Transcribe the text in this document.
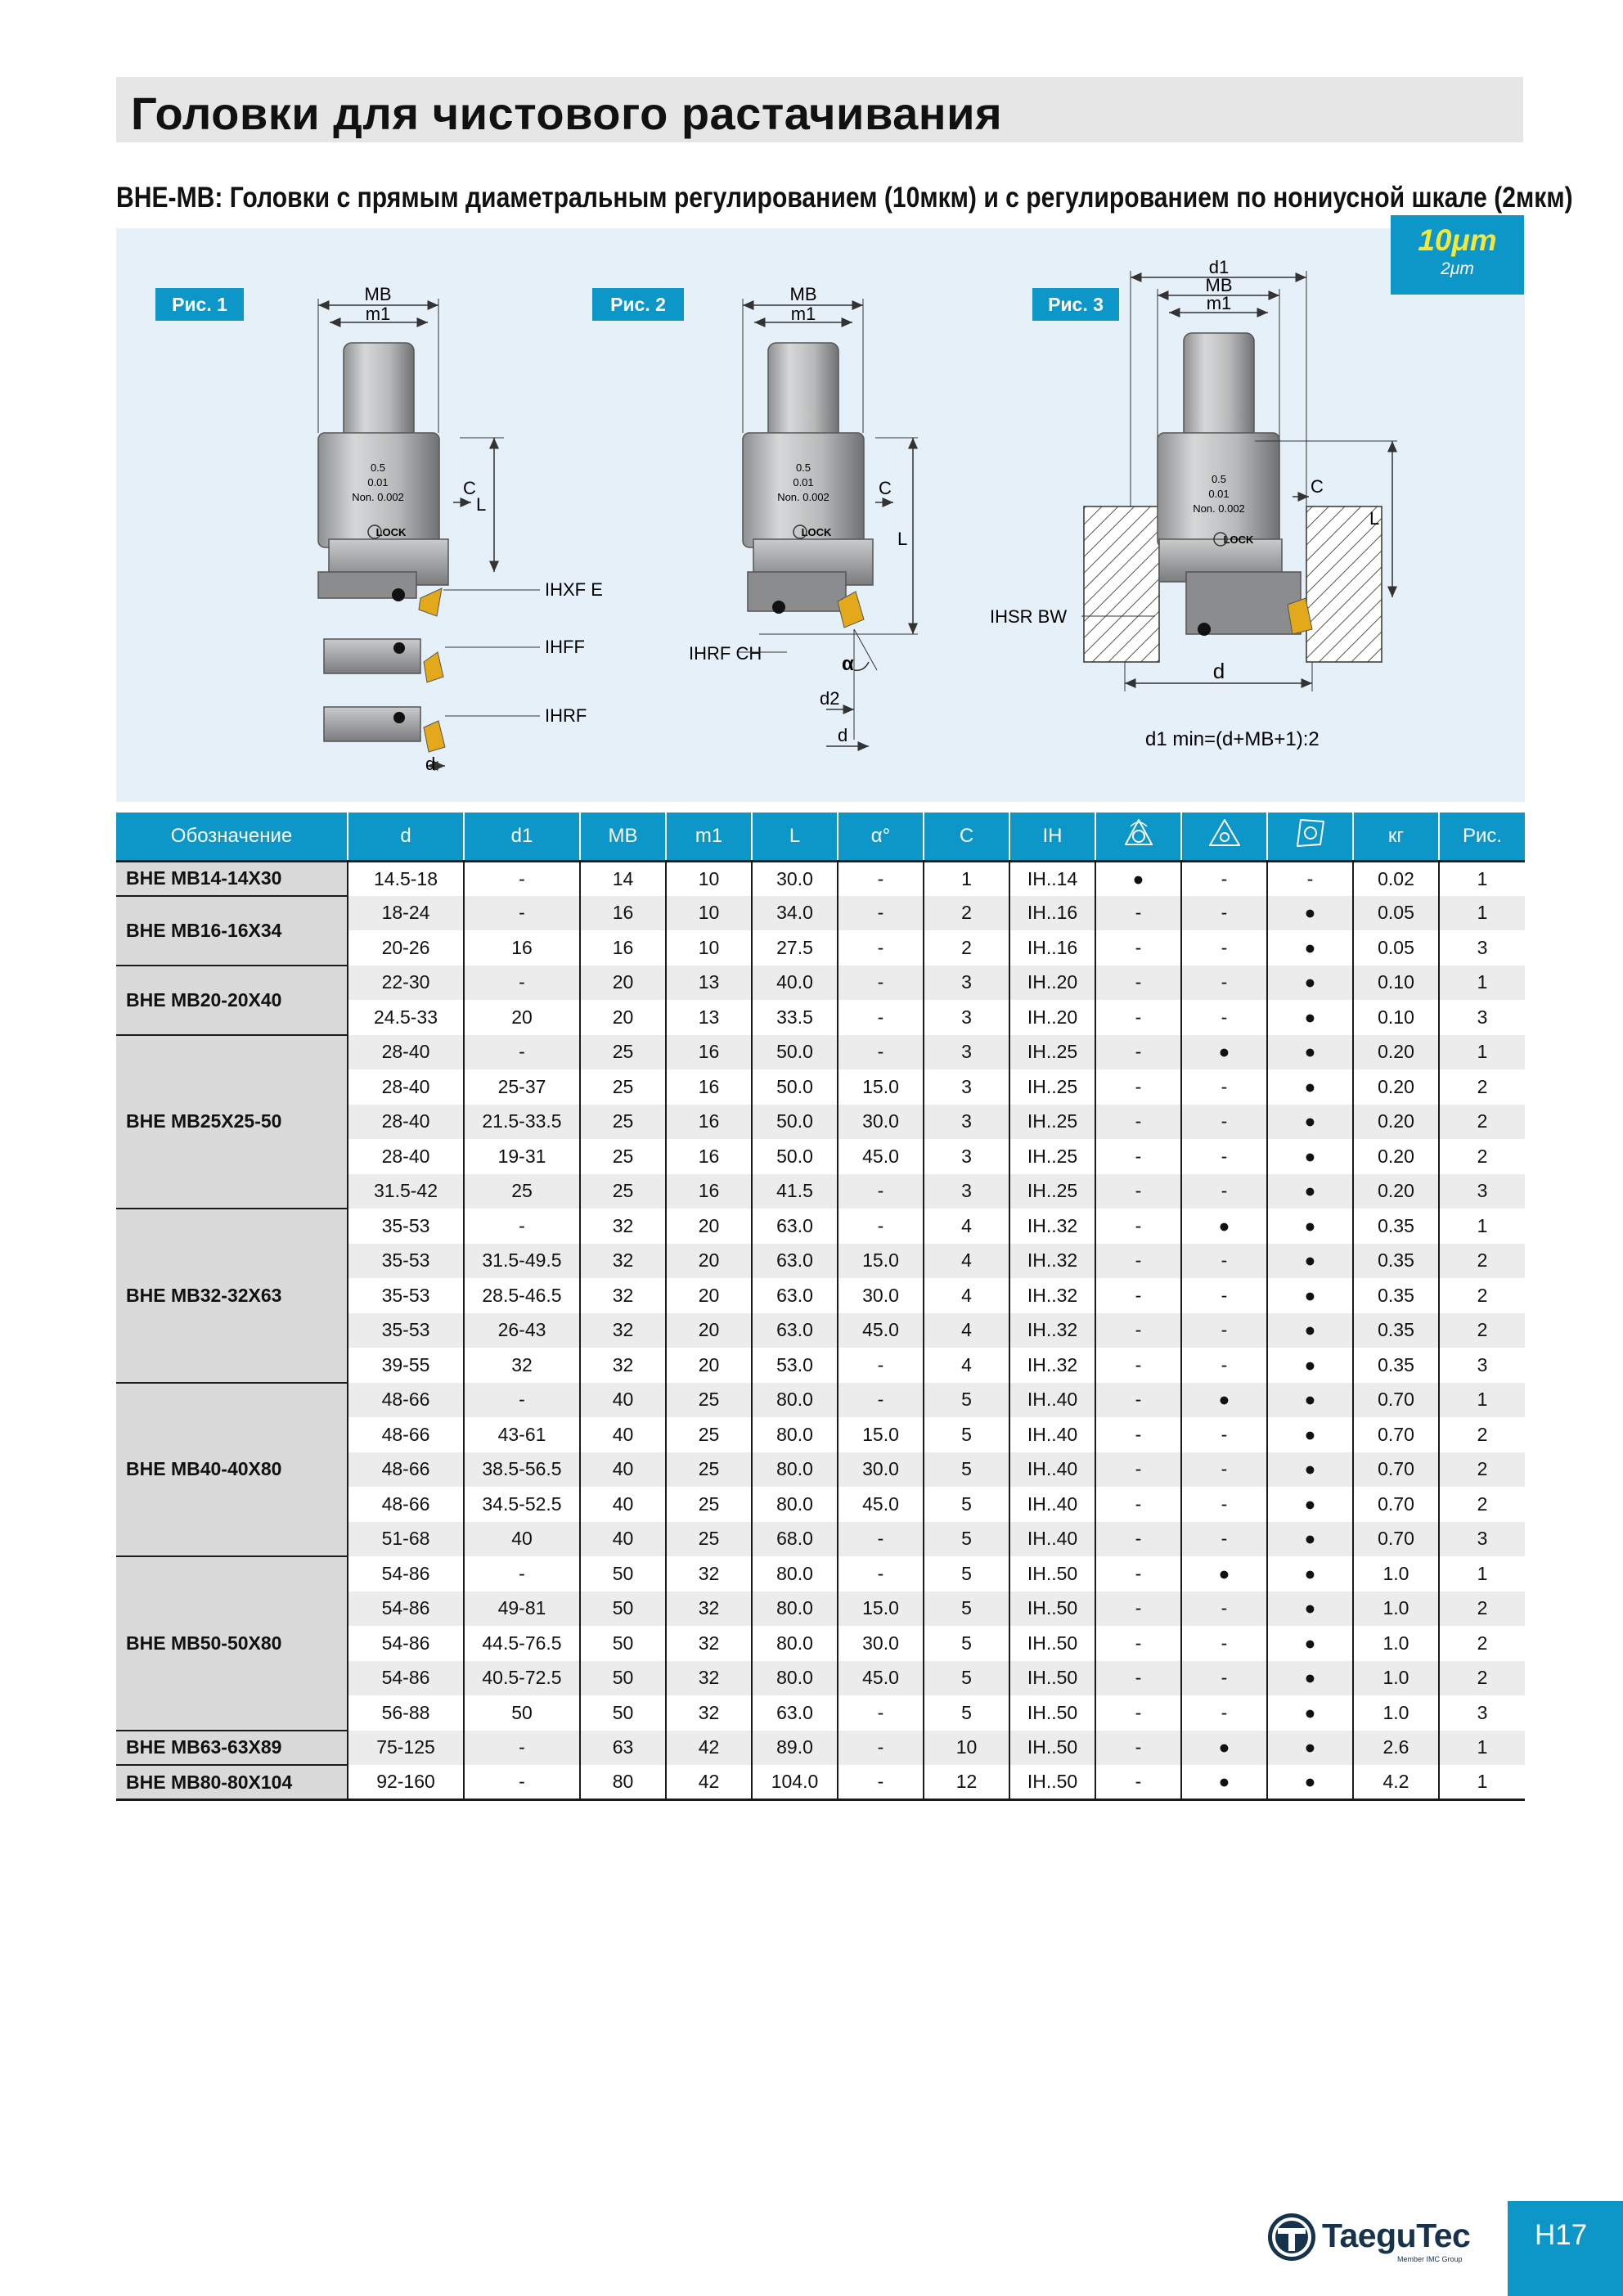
Головки для чистового растачивания
BHE-MB: Головки с прямым диаметральным регулированием (10мкм) и с регулированием по нониусной шкале (2мкм)
Рис. 1	MB
m1
0.5
0.01
Non. 0.002
LOCK
C
L
IHXF E
IHFF
IHRF
d
Рис. 2	MB
m1
0.5
0.01
Non. 0.002
LOCK
C
L
IHRF CH	α
d2
d
Рис. 3
d1
MB
m1
0.5
0.01
Non. 0.002
LOCK
C
L
IHSR BW
d
d1 min=(d+MB+1):2
10μm
2μm
Обозначение	d	d1	MB	m1	L	α°	C	IH				кг	Рис.
BHE MB14-14X30	14.5-18	-	14	10	30.0	-	1	IH..14	●	-	-	0.02	1
BHE MB16-16X34	18-24	-	16	10	34.0	-	2	IH..16	-	-	●	0.05	1
	20-26	16	16	10	27.5	-	2	IH..16	-	-	●	0.05	3
BHE MB20-20X40	22-30	-	20	13	40.0	-	3	IH..20	-	-	●	0.10	1
	24.5-33	20	20	13	33.5	-	3	IH..20	-	-	●	0.10	3
BHE MB25X25-50	28-40	-	25	16	50.0	-	3	IH..25	-	●	●	0.20	1
	28-40	25-37	25	16	50.0	15.0	3	IH..25	-	-	●	0.20	2
	28-40	21.5-33.5	25	16	50.0	30.0	3	IH..25	-	-	●	0.20	2
	28-40	19-31	25	16	50.0	45.0	3	IH..25	-	-	●	0.20	2
	31.5-42	25	25	16	41.5	-	3	IH..25	-	-	●	0.20	3
BHE MB32-32X63	35-53	-	32	20	63.0	-	4	IH..32	-	●	●	0.35	1
	35-53	31.5-49.5	32	20	63.0	15.0	4	IH..32	-	-	●	0.35	2
	35-53	28.5-46.5	32	20	63.0	30.0	4	IH..32	-	-	●	0.35	2
	35-53	26-43	32	20	63.0	45.0	4	IH..32	-	-	●	0.35	2
	39-55	32	32	20	53.0	-	4	IH..32	-	-	●	0.35	3
BHE MB40-40X80	48-66	-	40	25	80.0	-	5	IH..40	-	●	●	0.70	1
	48-66	43-61	40	25	80.0	15.0	5	IH..40	-	-	●	0.70	2
	48-66	38.5-56.5	40	25	80.0	30.0	5	IH..40	-	-	●	0.70	2
	48-66	34.5-52.5	40	25	80.0	45.0	5	IH..40	-	-	●	0.70	2
	51-68	40	40	25	68.0	-	5	IH..40	-	-	●	0.70	3
BHE MB50-50X80	54-86	-	50	32	80.0	-	5	IH..50	-	●	●	1.0	1
	54-86	49-81	50	32	80.0	15.0	5	IH..50	-	-	●	1.0	2
	54-86	44.5-76.5	50	32	80.0	30.0	5	IH..50	-	-	●	1.0	2
	54-86	40.5-72.5	50	32	80.0	45.0	5	IH..50	-	-	●	1.0	2
	56-88	50	50	32	63.0	-	5	IH..50	-	-	●	1.0	3
BHE MB63-63X89	75-125	-	63	42	89.0	-	10	IH..50	-	●	●	2.6	1
BHE MB80-80X104	92-160	-	80	42	104.0	-	12	IH..50	-	●	●	4.2	1
TaeguTec
Member IMC Group
H17
